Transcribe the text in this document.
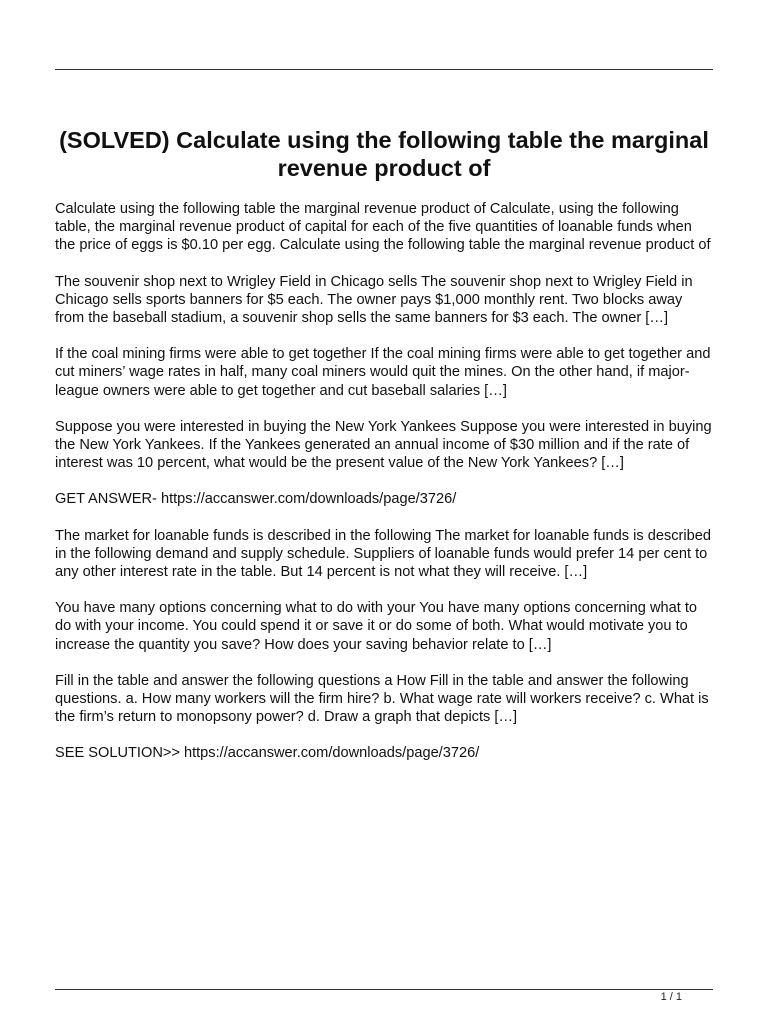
(SOLVED) Calculate using the following table the marginal revenue product of

Calculate using the following table the marginal revenue product of Calculate, using the following table, the marginal revenue product of capital for each of the five quantities of loanable funds when the price of eggs is $0.10 per egg. Calculate using the following table the marginal revenue product of

The souvenir shop next to Wrigley Field in Chicago sells The souvenir shop next to Wrigley Field in Chicago sells sports banners for $5 each. The owner pays $1,000 monthly rent. Two blocks away from the baseball stadium, a souvenir shop sells the same banners for $3 each. The owner […]

If the coal mining firms were able to get together If the coal mining firms were able to get together and cut miners’ wage rates in half, many coal miners would quit the mines. On the other hand, if major-league owners were able to get together and cut baseball salaries […]

Suppose you were interested in buying the New York Yankees Suppose you were interested in buying the New York Yankees. If the Yankees generated an annual income of $30 million and if the rate of interest was 10 percent, what would be the present value of the New York Yankees? […]

GET ANSWER- https://accanswer.com/downloads/page/3726/

The market for loanable funds is described in the following The market for loanable funds is described in the following demand and supply schedule. Suppliers of loanable funds would prefer 14 per cent to any other interest rate in the table. But 14 percent is not what they will receive. […]

You have many options concerning what to do with your You have many options concerning what to do with your income. You could spend it or save it or do some of both. What would motivate you to increase the quantity you save? How does your saving behavior relate to […]

Fill in the table and answer the following questions a How Fill in the table and answer the following questions. a. How many workers will the firm hire? b. What wage rate will workers receive? c. What is the firm’s return to monopsony power? d. Draw a graph that depicts […]

SEE SOLUTION>> https://accanswer.com/downloads/page/3726/

1 / 1
